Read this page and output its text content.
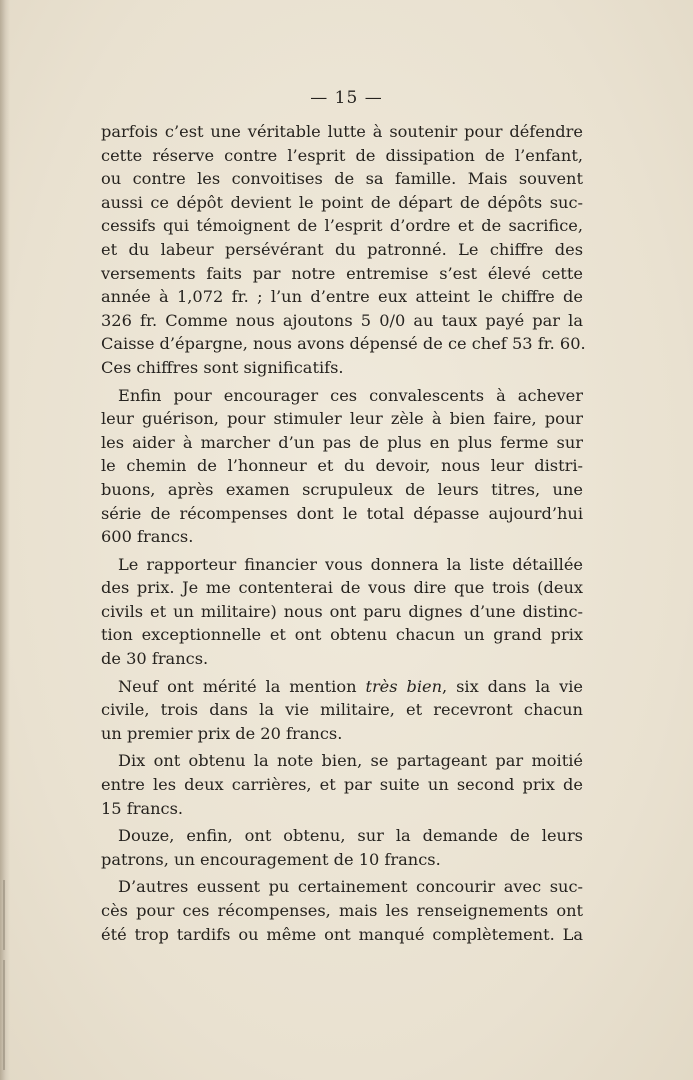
— 15 —
parfois c’est une véritable lutte à soutenir pour défendre
cette réserve contre l’esprit de dissipation de l’enfant,
ou contre les convoitises de sa famille. Mais souvent
aussi ce dépôt devient le point de départ de dépôts suc-
cessifs qui témoignent de l’esprit d’ordre et de sacrifice,
et du labeur persévérant du patronné. Le chiffre des
versements faits par notre entremise s’est élevé cette
année à 1,072 fr. ; l’un d’entre eux atteint le chiffre de
326 fr. Comme nous ajoutons 5 0/0 au taux payé par la
Caisse d’épargne, nous avons dépensé de ce chef 53 fr. 60.
Ces chiffres sont significatifs.
Enfin pour encourager ces convalescents à achever
leur guérison, pour stimuler leur zèle à bien faire, pour
les aider à marcher d’un pas de plus en plus ferme sur
le chemin de l’honneur et du devoir, nous leur distri-
buons, après examen scrupuleux de leurs titres, une
série de récompenses dont le total dépasse aujourd’hui
600 francs.
Le rapporteur financier vous donnera la liste détaillée
des prix. Je me contenterai de vous dire que trois (deux
civils et un militaire) nous ont paru dignes d’une distinc-
tion exceptionnelle et ont obtenu chacun un grand prix
de 30 francs.
Neuf ont mérité la mention très bien, six dans la vie
civile, trois dans la vie militaire, et recevront chacun
un premier prix de 20 francs.
Dix ont obtenu la note bien, se partageant par moitié
entre les deux carrières, et par suite un second prix de
15 francs.
Douze, enfin, ont obtenu, sur la demande de leurs
patrons, un encouragement de 10 francs.
D’autres eussent pu certainement concourir avec suc-
cès pour ces récompenses, mais les renseignements ont
été trop tardifs ou même ont manqué complètement. La
